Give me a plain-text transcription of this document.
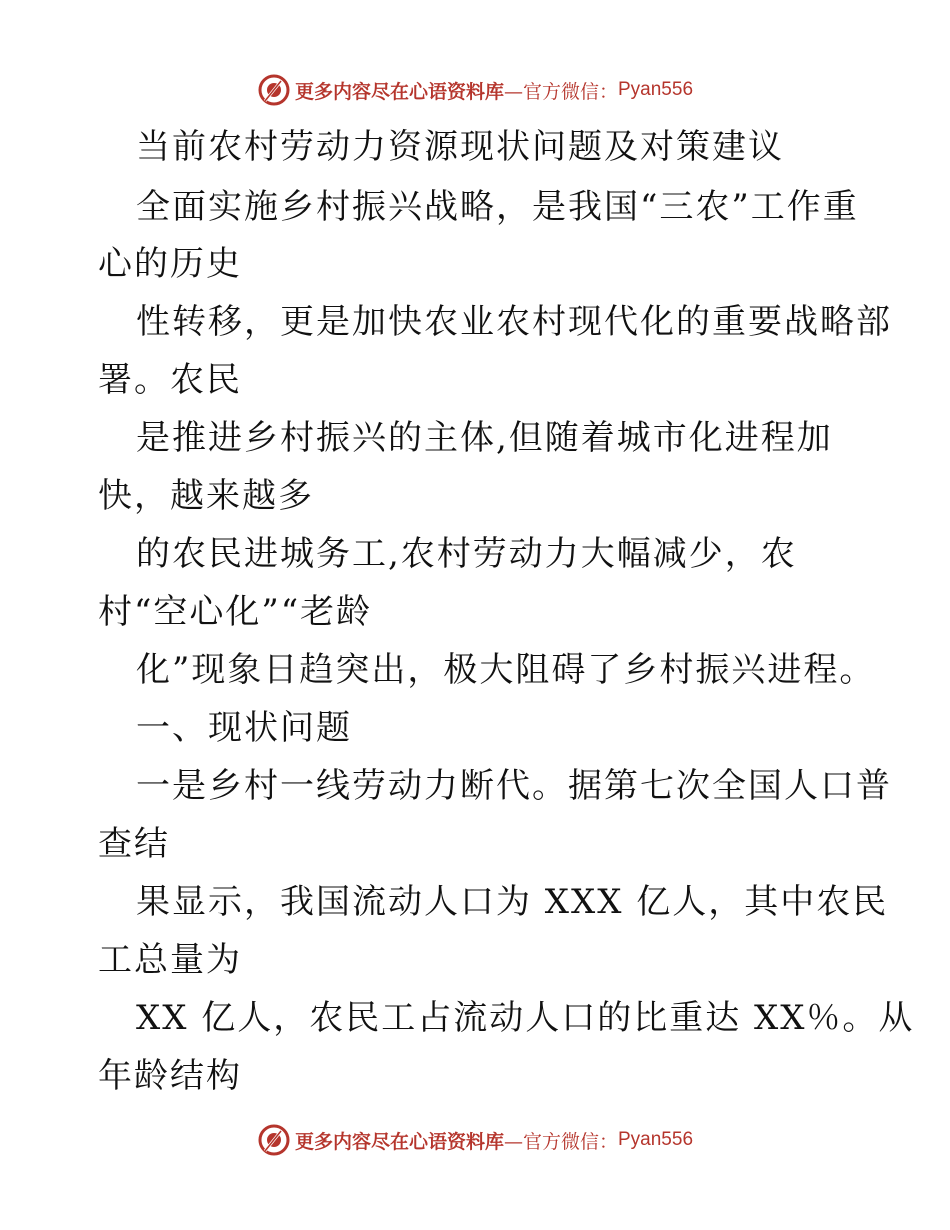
更多内容尽在心语资料库 —官方微信： Pyan556
当前农村劳动力资源现状问题及对策建议
全面实施乡村振兴战略，是我国“三农”工作重
心的历史
性转移，更是加快农业农村现代化的重要战略部
署。农民
是推进乡村振兴的主体,但随着城市化进程加
快，越来越多
的农民进城务工,农村劳动力大幅减少，农
村“空心化”“老龄
化”现象日趋突出，极大阻碍了乡村振兴进程。
一、现状问题
一是乡村一线劳动力断代。据第七次全国人口普
查结
果显示，我国流动人口为 XXX 亿人，其中农民
工总量为
XX 亿人，农民工占流动人口的比重达 XX％。从
年龄结构
更多内容尽在心语资料库 —官方微信： Pyan556
